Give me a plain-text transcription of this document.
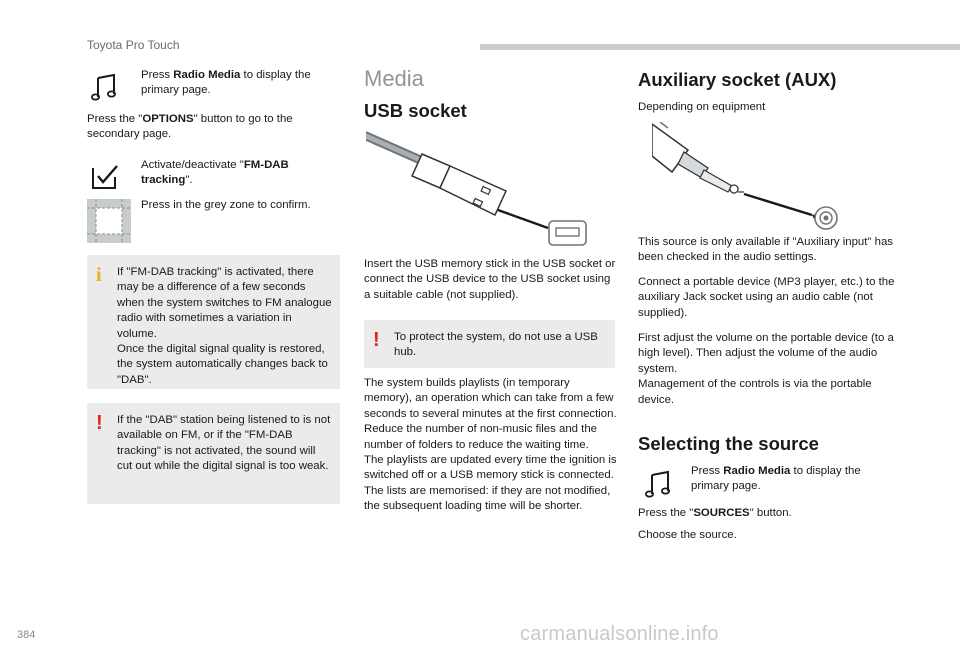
Toyota Pro Touch
Press Radio Media to display the primary page.
Press the "OPTIONS" button to go to the secondary page.
Activate/deactivate "FM-DAB tracking".
Press in the grey zone to confirm.
i If "FM-DAB tracking" is activated, there may be a difference of a few seconds when the system switches to FM analogue radio with sometimes a variation in volume.
Once the digital signal quality is restored, the system automatically changes back to "DAB".
! If the "DAB" station being listened to is not available on FM, or if the "FM-DAB tracking" is not activated, the sound will cut out while the digital signal is too weak.
Media
USB socket
Insert the USB memory stick in the USB socket or connect the USB device to the USB socket using a suitable cable (not supplied).
! To protect the system, do not use a USB hub.
The system builds playlists (in temporary memory), an operation which can take from a few seconds to several minutes at the first connection.
Reduce the number of non-music files and the number of folders to reduce the waiting time.
The playlists are updated every time the ignition is switched off or a USB memory stick is connected. The lists are memorised: if they are not modified, the subsequent loading time will be shorter.
Auxiliary socket (AUX)
Depending on equipment
This source is only available if "Auxiliary input" has been checked in the audio settings.
Connect a portable device (MP3 player, etc.) to the auxiliary Jack socket using an audio cable (not supplied).
First adjust the volume on the portable device (to a high level). Then adjust the volume of the audio system.
Management of the controls is via the portable device.
Selecting the source
Press Radio Media to display the primary page.
Press the "SOURCES" button.
Choose the source.
384	carmanualsonline.info
